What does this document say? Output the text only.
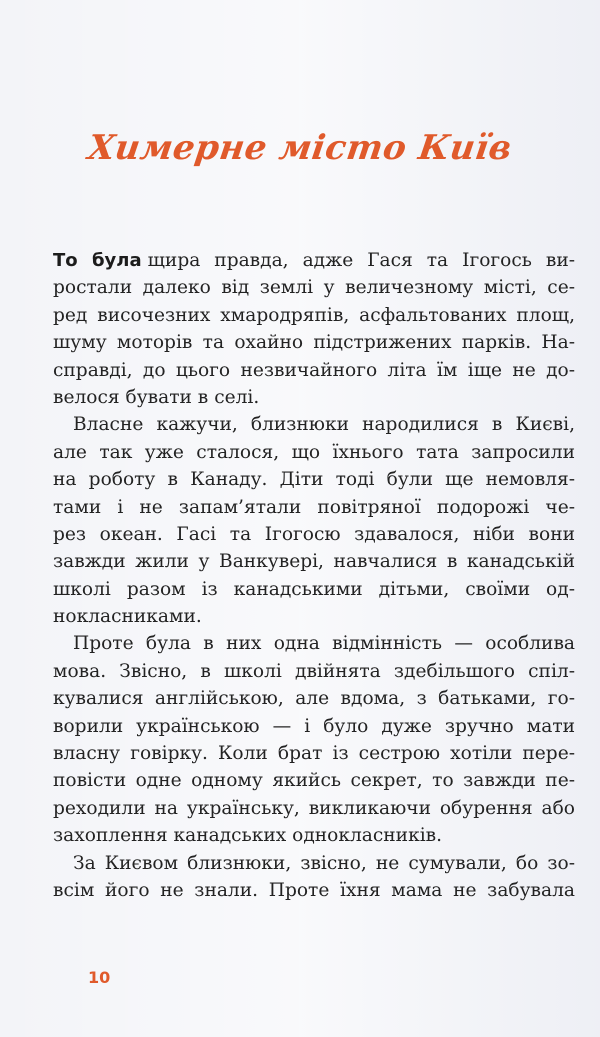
Химерне місто Київ
То була щира правда, адже Гася та Ігогось ви-
ростали далеко від землі у величезному місті, се-
ред височезних хмародряпів, асфальтованих площ,
шуму моторів та охайно підстрижених парків. На-
справді, до цього незвичайного літа їм іще не до-
велося бувати в селі.
Власне кажучи, близнюки народилися в Києві,
але так уже сталося, що їхнього тата запросили
на роботу в Канаду. Діти тоді були ще немовля-
тами і не запам’ятали повітряної подорожі че-
рез океан. Гасі та Ігогосю здавалося, ніби вони
завжди жили у Ванкувері, навчалися в канадській
школі разом із канадськими дітьми, своїми од-
нокласниками.
Проте була в них одна відмінність — особлива
мова. Звісно, в школі двійнята здебільшого спіл-
кувалися англійською, але вдома, з батьками, го-
ворили українською — і було дуже зручно мати
власну говірку. Коли брат із сестрою хотіли пере-
повісти одне одному якийсь секрет, то завжди пе-
реходили на українську, викликаючи обурення або
захоплення канадських однокласників.
За Києвом близнюки, звісно, не сумували, бо зо-
всім його не знали. Проте їхня мама не забувала
10
